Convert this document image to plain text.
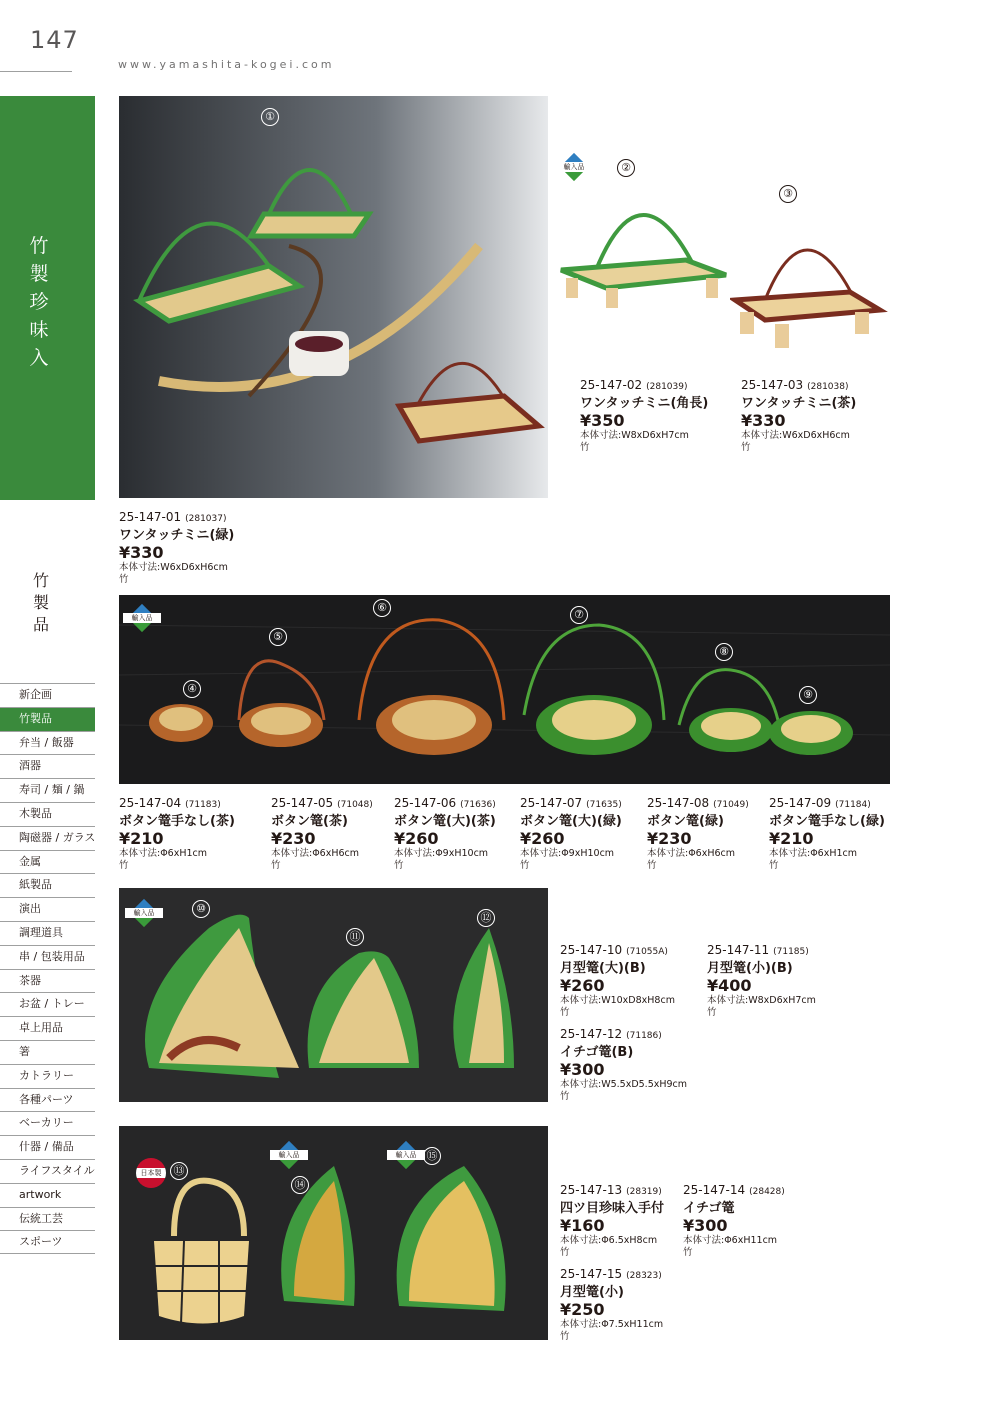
147
www.yamashita-kogei.com
竹製珍味入
竹製品
新企画
竹製品
弁当 / 飯器
酒器
寿司 / 麺 / 鍋
木製品
陶磁器 / ガラス
金属
紙製品
演出
調理道具
串 / 包装用品
茶器
お盆 / トレー
卓上用品
箸
カトラリー
各種パーツ
ベーカリー
什器 / 備品
ライフスタイル
artwork
伝統工芸
スポーツ
①
輸入品	②
③
25-147-02 (281039)
ワンタッチミニ(角長)
¥350
本体寸法:W8xD6xH7cm
竹
25-147-03 (281038)
ワンタッチミニ(茶)
¥330
本体寸法:W6xD6xH6cm
竹
25-147-01 (281037)
ワンタッチミニ(緑)
¥330
本体寸法:W6xD6xH6cm
竹
輸入品
④
⑤
⑥
⑦
⑧
⑨
25-147-04 (71183)
ボタン篭手なし(茶)
¥210
本体寸法:Φ6xH1cm
竹
25-147-05 (71048)
ボタン篭(茶)
¥230
本体寸法:Φ6xH6cm
竹
25-147-06 (71636)
ボタン篭(大)(茶)
¥260
本体寸法:Φ9xH10cm
竹
25-147-07 (71635)
ボタン篭(大)(緑)
¥260
本体寸法:Φ9xH10cm
竹
25-147-08 (71049)
ボタン篭(緑)
¥230
本体寸法:Φ6xH6cm
竹
25-147-09 (71184)
ボタン篭手なし(緑)
¥210
本体寸法:Φ6xH1cm
竹
輸入品	⑩
⑪
⑫
25-147-10 (71055A)
月型篭(大)(B)
¥260
本体寸法:W10xD8xH8cm
竹
25-147-11 (71185)
月型篭(小)(B)
¥400
本体寸法:W8xD6xH7cm
竹
25-147-12 (71186)
イチゴ篭(B)
¥300
本体寸法:W5.5xD5.5xH9cm
竹
日本製	⑬
輸入品
⑭
輸入品 ⑮
25-147-13 (28319)
四ツ目珍味入手付
¥160
本体寸法:Φ6.5xH8cm
竹
25-147-14 (28428)
イチゴ篭
¥300
本体寸法:Φ6xH11cm
竹
25-147-15 (28323)
月型篭(小)
¥250
本体寸法:Φ7.5xH11cm
竹
